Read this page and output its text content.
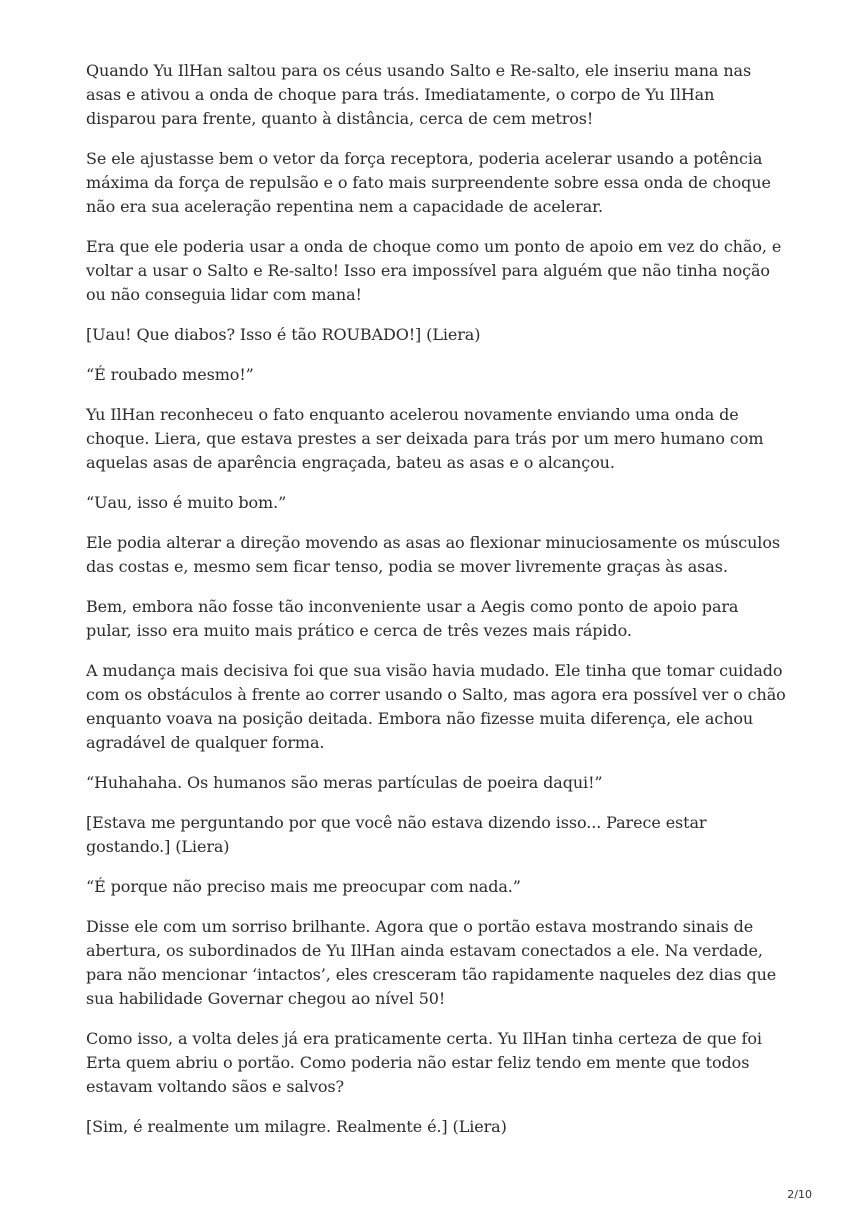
Quando Yu IlHan saltou para os céus usando Salto e Re-salto, ele inseriu mana nas asas e ativou a onda de choque para trás. Imediatamente, o corpo de Yu IlHan disparou para frente, quanto à distância, cerca de cem metros!

Se ele ajustasse bem o vetor da força receptora, poderia acelerar usando a potência máxima da força de repulsão e o fato mais surpreendente sobre essa onda de choque não era sua aceleração repentina nem a capacidade de acelerar.

Era que ele poderia usar a onda de choque como um ponto de apoio em vez do chão, e voltar a usar o Salto e Re-salto! Isso era impossível para alguém que não tinha noção ou não conseguia lidar com mana!

[Uau! Que diabos? Isso é tão ROUBADO!] (Liera)

“É roubado mesmo!”

Yu IlHan reconheceu o fato enquanto acelerou novamente enviando uma onda de choque. Liera, que estava prestes a ser deixada para trás por um mero humano com aquelas asas de aparência engraçada, bateu as asas e o alcançou.

“Uau, isso é muito bom.”

Ele podia alterar a direção movendo as asas ao flexionar minuciosamente os músculos das costas e, mesmo sem ficar tenso, podia se mover livremente graças às asas.

Bem, embora não fosse tão inconveniente usar a Aegis como ponto de apoio para pular, isso era muito mais prático e cerca de três vezes mais rápido.

A mudança mais decisiva foi que sua visão havia mudado. Ele tinha que tomar cuidado com os obstáculos à frente ao correr usando o Salto, mas agora era possível ver o chão enquanto voava na posição deitada. Embora não fizesse muita diferença, ele achou agradável de qualquer forma.

“Huhahaha. Os humanos são meras partículas de poeira daqui!”

[Estava me perguntando por que você não estava dizendo isso... Parece estar gostando.] (Liera)

“É porque não preciso mais me preocupar com nada.”

Disse ele com um sorriso brilhante. Agora que o portão estava mostrando sinais de abertura, os subordinados de Yu IlHan ainda estavam conectados a ele. Na verdade, para não mencionar ‘intactos’, eles cresceram tão rapidamente naqueles dez dias que sua habilidade Governar chegou ao nível 50!

Como isso, a volta deles já era praticamente certa. Yu IlHan tinha certeza de que foi Erta quem abriu o portão. Como poderia não estar feliz tendo em mente que todos estavam voltando sãos e salvos?

[Sim, é realmente um milagre. Realmente é.] (Liera)

2/10
